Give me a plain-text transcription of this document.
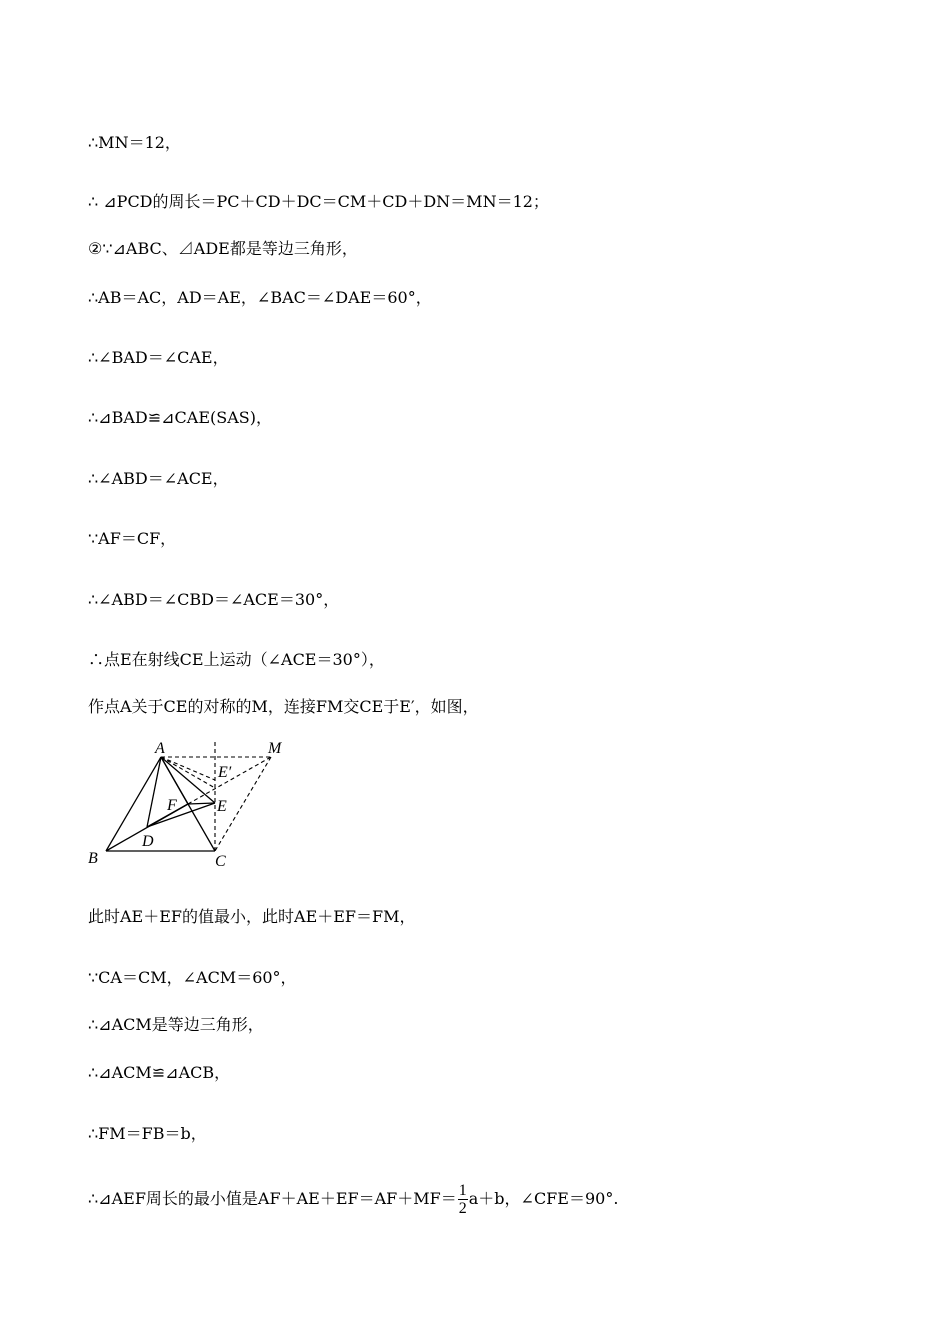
∴MN＝12，
∴ ⊿PCD的周长＝PC＋CD＋DC＝CM＋CD＋DN＝MN＝12；
②∵⊿ABC、⊿ADE都是等边三角形，
∴AB＝AC，AD＝AE，∠BAC＝∠DAE＝60°，
∴∠BAD＝∠CAE，
∴⊿BAD≌⊿CAE(SAS)，
∴∠ABD＝∠ACE，
∵AF＝CF，
∴∠ABD＝∠CBD＝∠ACE＝30°，
∴点E在射线CE上运动（∠ACE＝30°），
作点A关于CE的对称的M，连接FM交CE于E′，如图，
此时AE＋EF的值最小，此时AE＋EF＝FM，
∵CA＝CM，∠ACM＝60°，
∴⊿ACM是等边三角形，
∴⊿ACM≌⊿ACB，
∴FM＝FB＝b，
∴⊿AEF周长的最小值是$AF+AE+EF=AF+MF= \frac{1}{2} a+b$，∠CFE＝90°.
A	M
E′
F	E
D
B	C
